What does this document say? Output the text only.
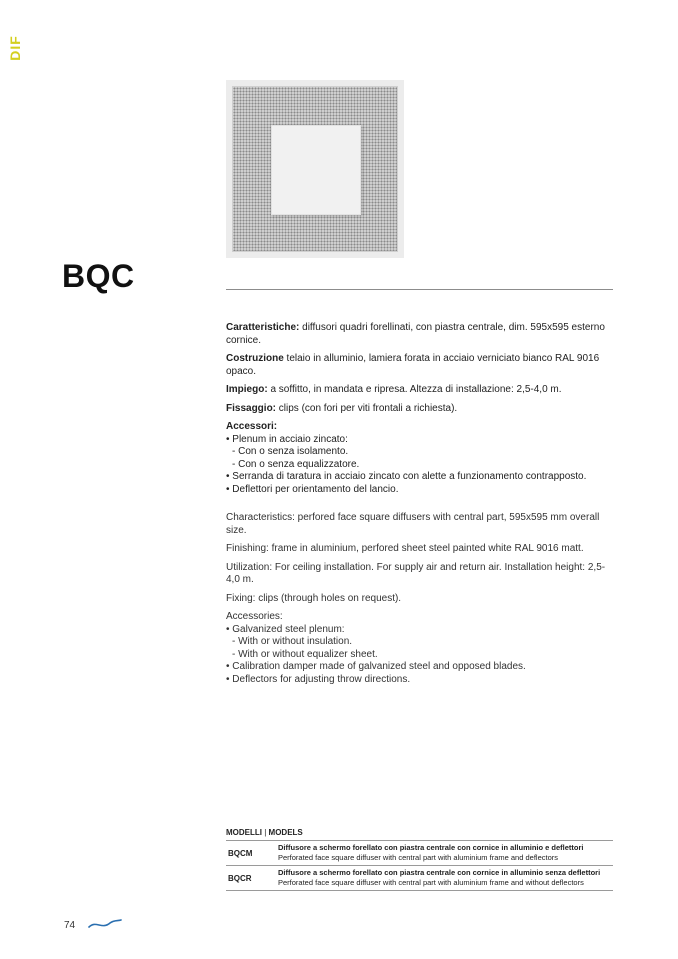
DIF
BQC

Caratteristiche: diffusori quadri forellinati, con piastra centrale, dim. 595x595 esterno cornice.

Costruzione telaio in alluminio, lamiera forata in acciaio verniciato bianco RAL 9016 opaco.

Impiego: a soffitto, in mandata e ripresa. Altezza di installazione: 2,5-4,0 m.

Fissaggio: clips (con fori per viti frontali a richiesta).

Accessori:
• Plenum in acciaio zincato:
- Con o senza isolamento.
- Con o senza equalizzatore.
• Serranda di taratura in acciaio zincato con alette a funzionamento contrapposto.
• Deflettori per orientamento del lancio.

Characteristics: perfored face square diffusers with central part, 595x595 mm overall size.

Finishing: frame in aluminium, perfored sheet steel painted white RAL 9016 matt.

Utilization: For ceiling installation. For supply air and return air. Installation height: 2,5-4,0 m.

Fixing: clips (through holes on request).

Accessories:
• Galvanized steel plenum:
- With or without insulation.
- With or without equalizer sheet.
• Calibration damper made of galvanized steel and opposed blades.
• Deflectors for adjusting throw directions.
MODELLI | MODELS
BQCM
Diffusore a schermo forellato con piastra centrale con cornice in alluminio e deflettori
Perforated face square diffuser with central part with aluminium frame and deflectors
BQCR
Diffusore a schermo forellato con piastra centrale con cornice in alluminio senza deflettori
Perforated face square diffuser with central part with aluminium frame and without deflectors
74
